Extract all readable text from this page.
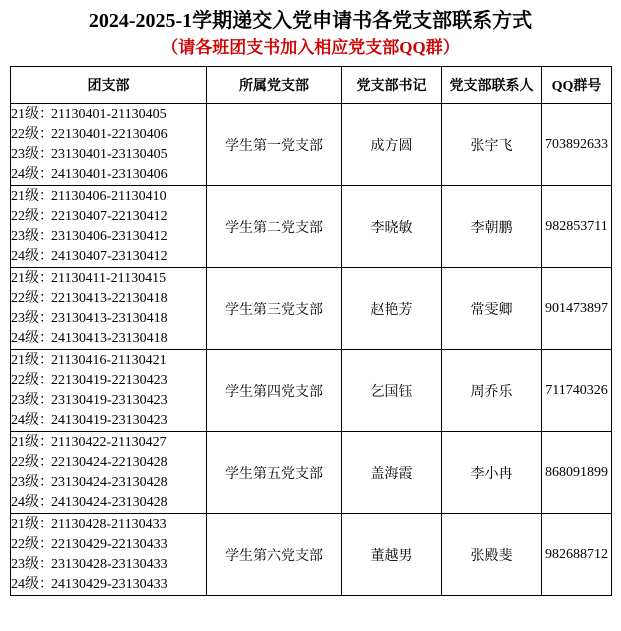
2024-2025-1学期递交入党申请书各党支部联系方式
（请各班团支书加入相应党支部QQ群）
团支部	所属党支部	党支部书记	党支部联系人	QQ群号

21级：21130401-21130405
22级：22130401-22130406
23级：23130401-23130405
24级：24130401-23130406	学生第一党支部	成方圆	张宇飞	703892633

21级：21130406-21130410
22级：22130407-22130412
23级：23130406-23130412
24级：24130407-23130412	学生第二党支部	李晓敏	李朝鹏	982853711

21级：21130411-21130415
22级：22130413-22130418
23级：23130413-23130418
24级：24130413-23130418	学生第三党支部	赵艳芳	常雯卿	901473897

21级：21130416-21130421
22级：22130419-22130423
23级：23130419-23130423
24级：24130419-23130423	学生第四党支部	乞国钰	周乔乐	711740326

21级：21130422-21130427
22级：22130424-22130428
23级：23130424-23130428
24级：24130424-23130428	学生第五党支部	盖海霞	李小冉	868091899

21级：21130428-21130433
22级：22130429-22130433
23级：23130428-23130433
24级：24130429-23130433	学生第六党支部	董越男	张殿斐	982688712
